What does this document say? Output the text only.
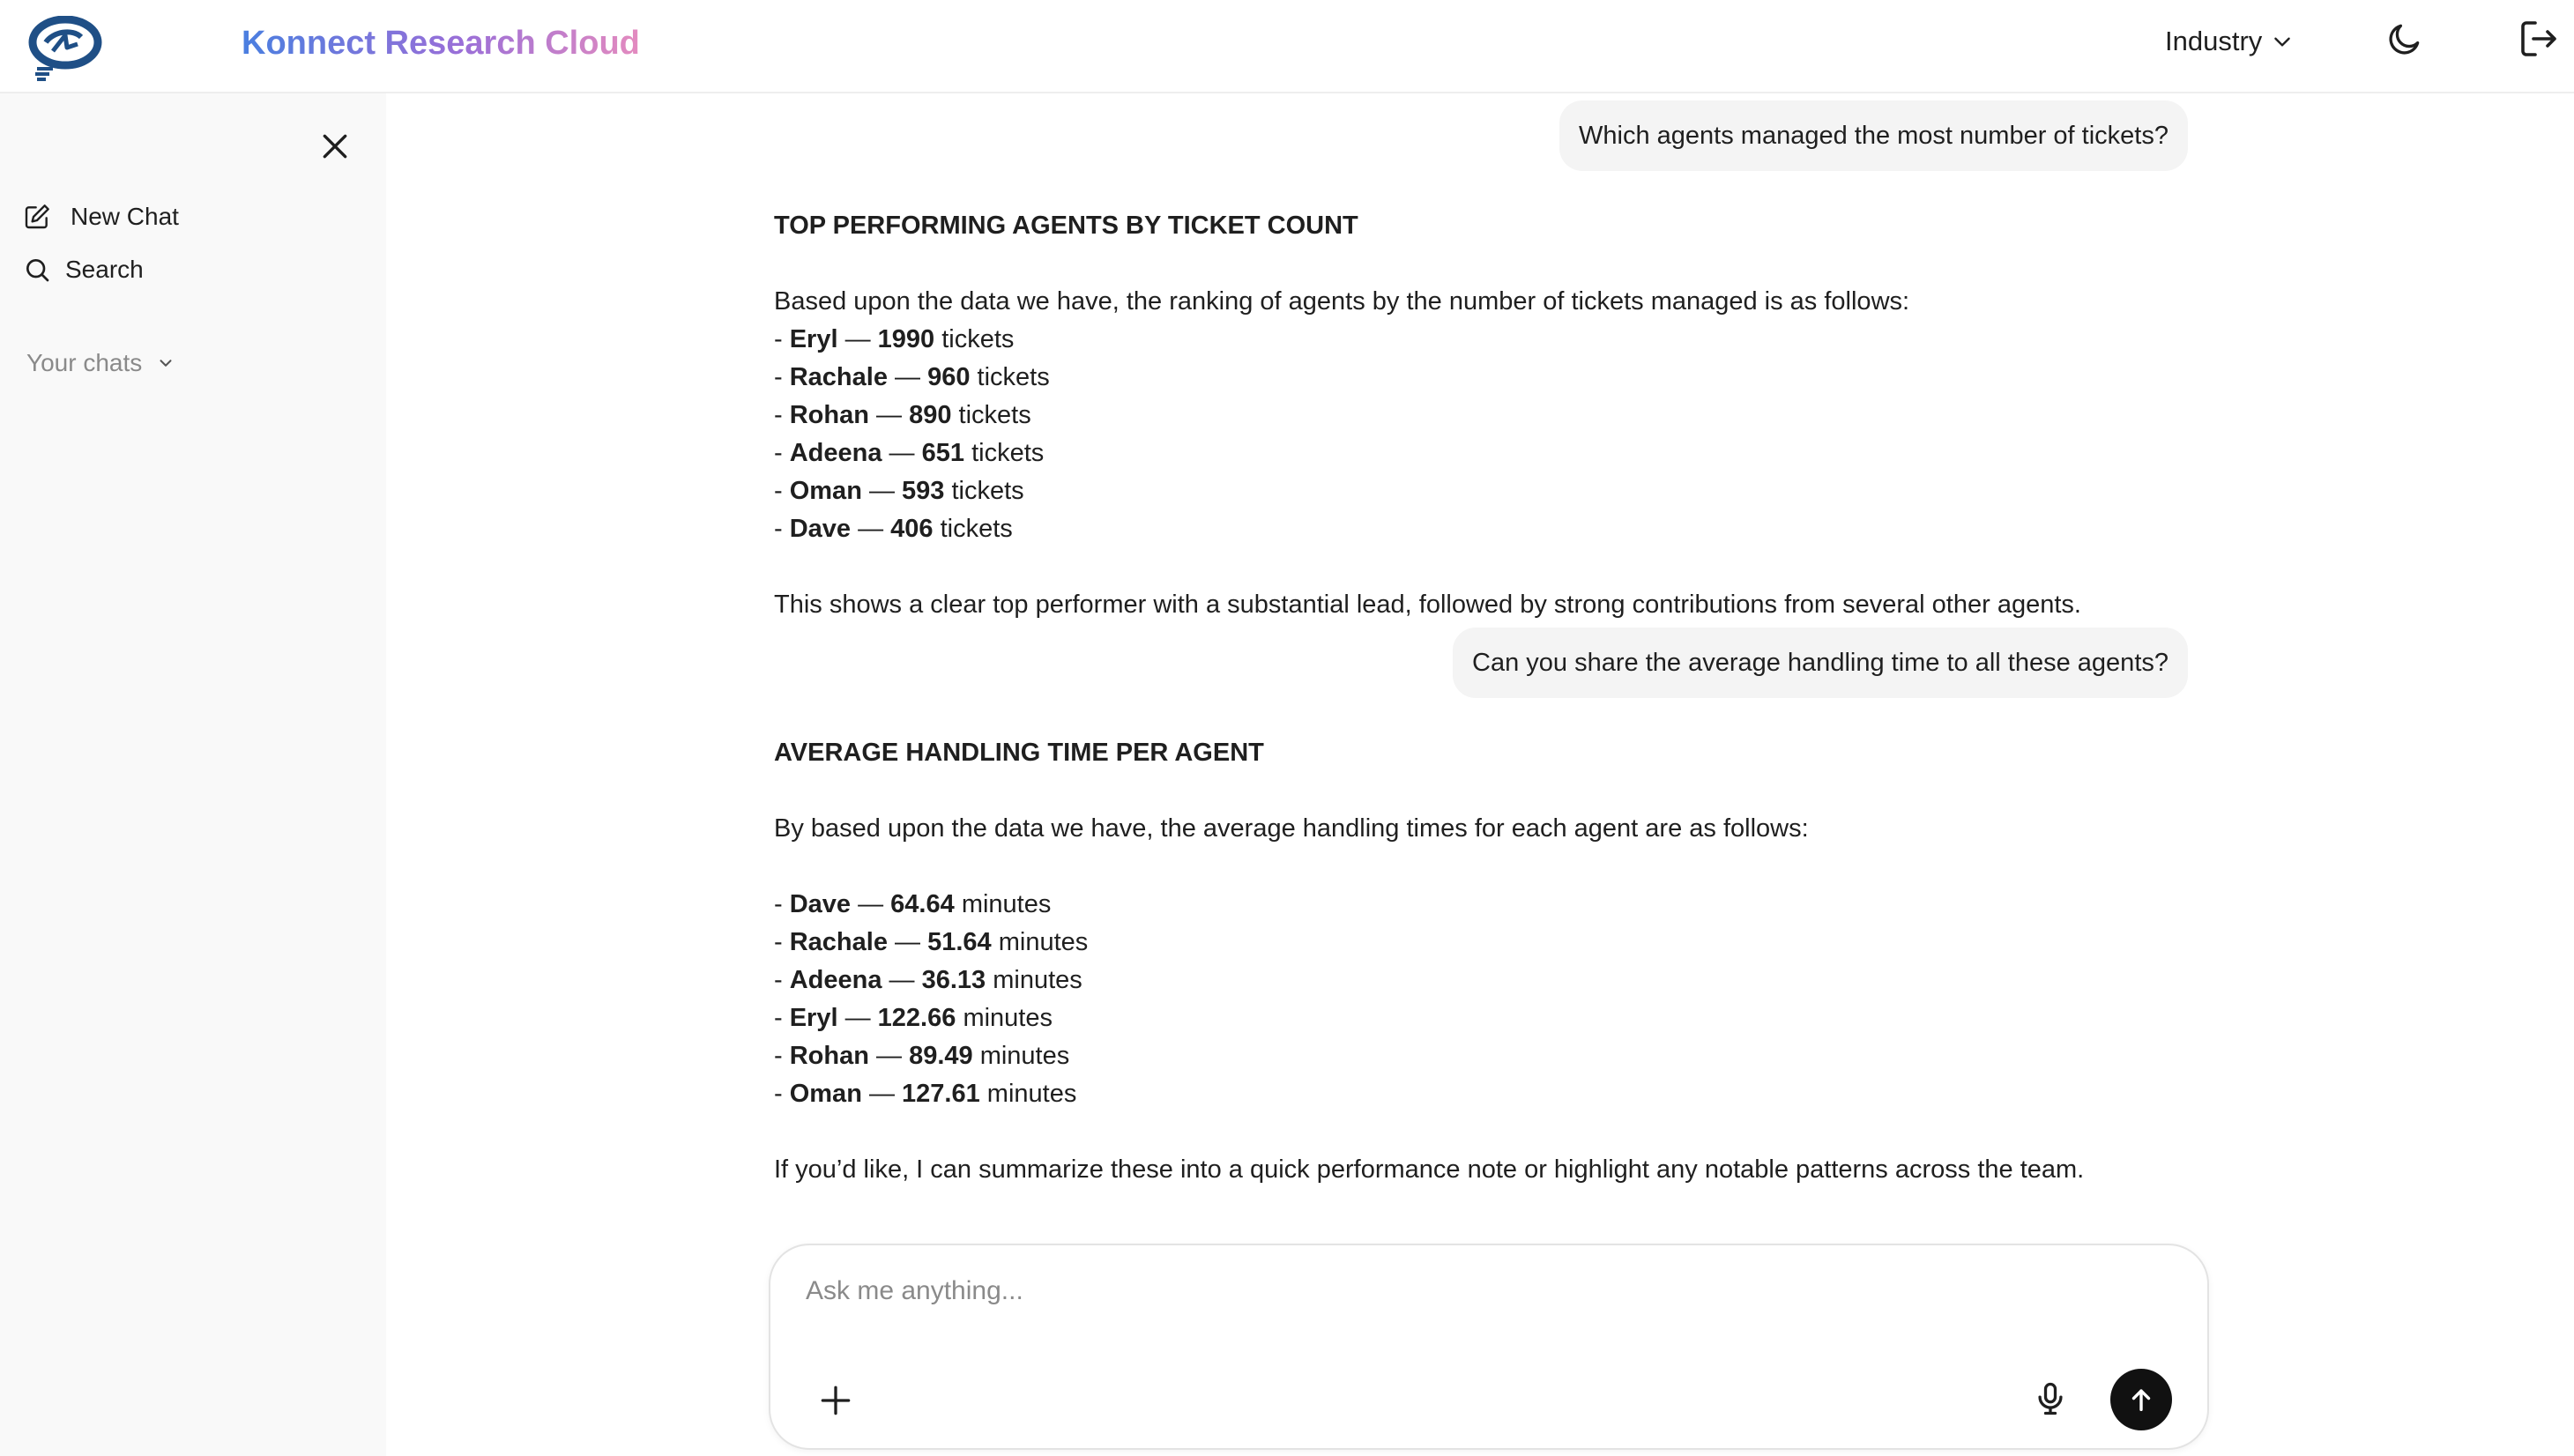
Konnect Research Cloud	Industry
New Chat
Search
Your chats
Which agents managed the most number of tickets?

TOP PERFORMING AGENTS BY TICKET COUNT

Based upon the data we have, the ranking of agents by the number of tickets managed is as follows:

- Eryl — 1990 tickets

- Rachale — 960 tickets

- Rohan — 890 tickets

- Adeena — 651 tickets

- Oman — 593 tickets

- Dave — 406 tickets

This shows a clear top performer with a substantial lead, followed by strong contributions from several other agents.

Can you share the average handling time to all these agents?

AVERAGE HANDLING TIME PER AGENT

By based upon the data we have, the average handling times for each agent are as follows:

- Dave — 64.64 minutes

- Rachale — 51.64 minutes

- Adeena — 36.13 minutes

- Eryl — 122.66 minutes

- Rohan — 89.49 minutes

- Oman — 127.61 minutes

If you’d like, I can summarize these into a quick performance note or highlight any notable patterns across the team.

Ask me anything...
